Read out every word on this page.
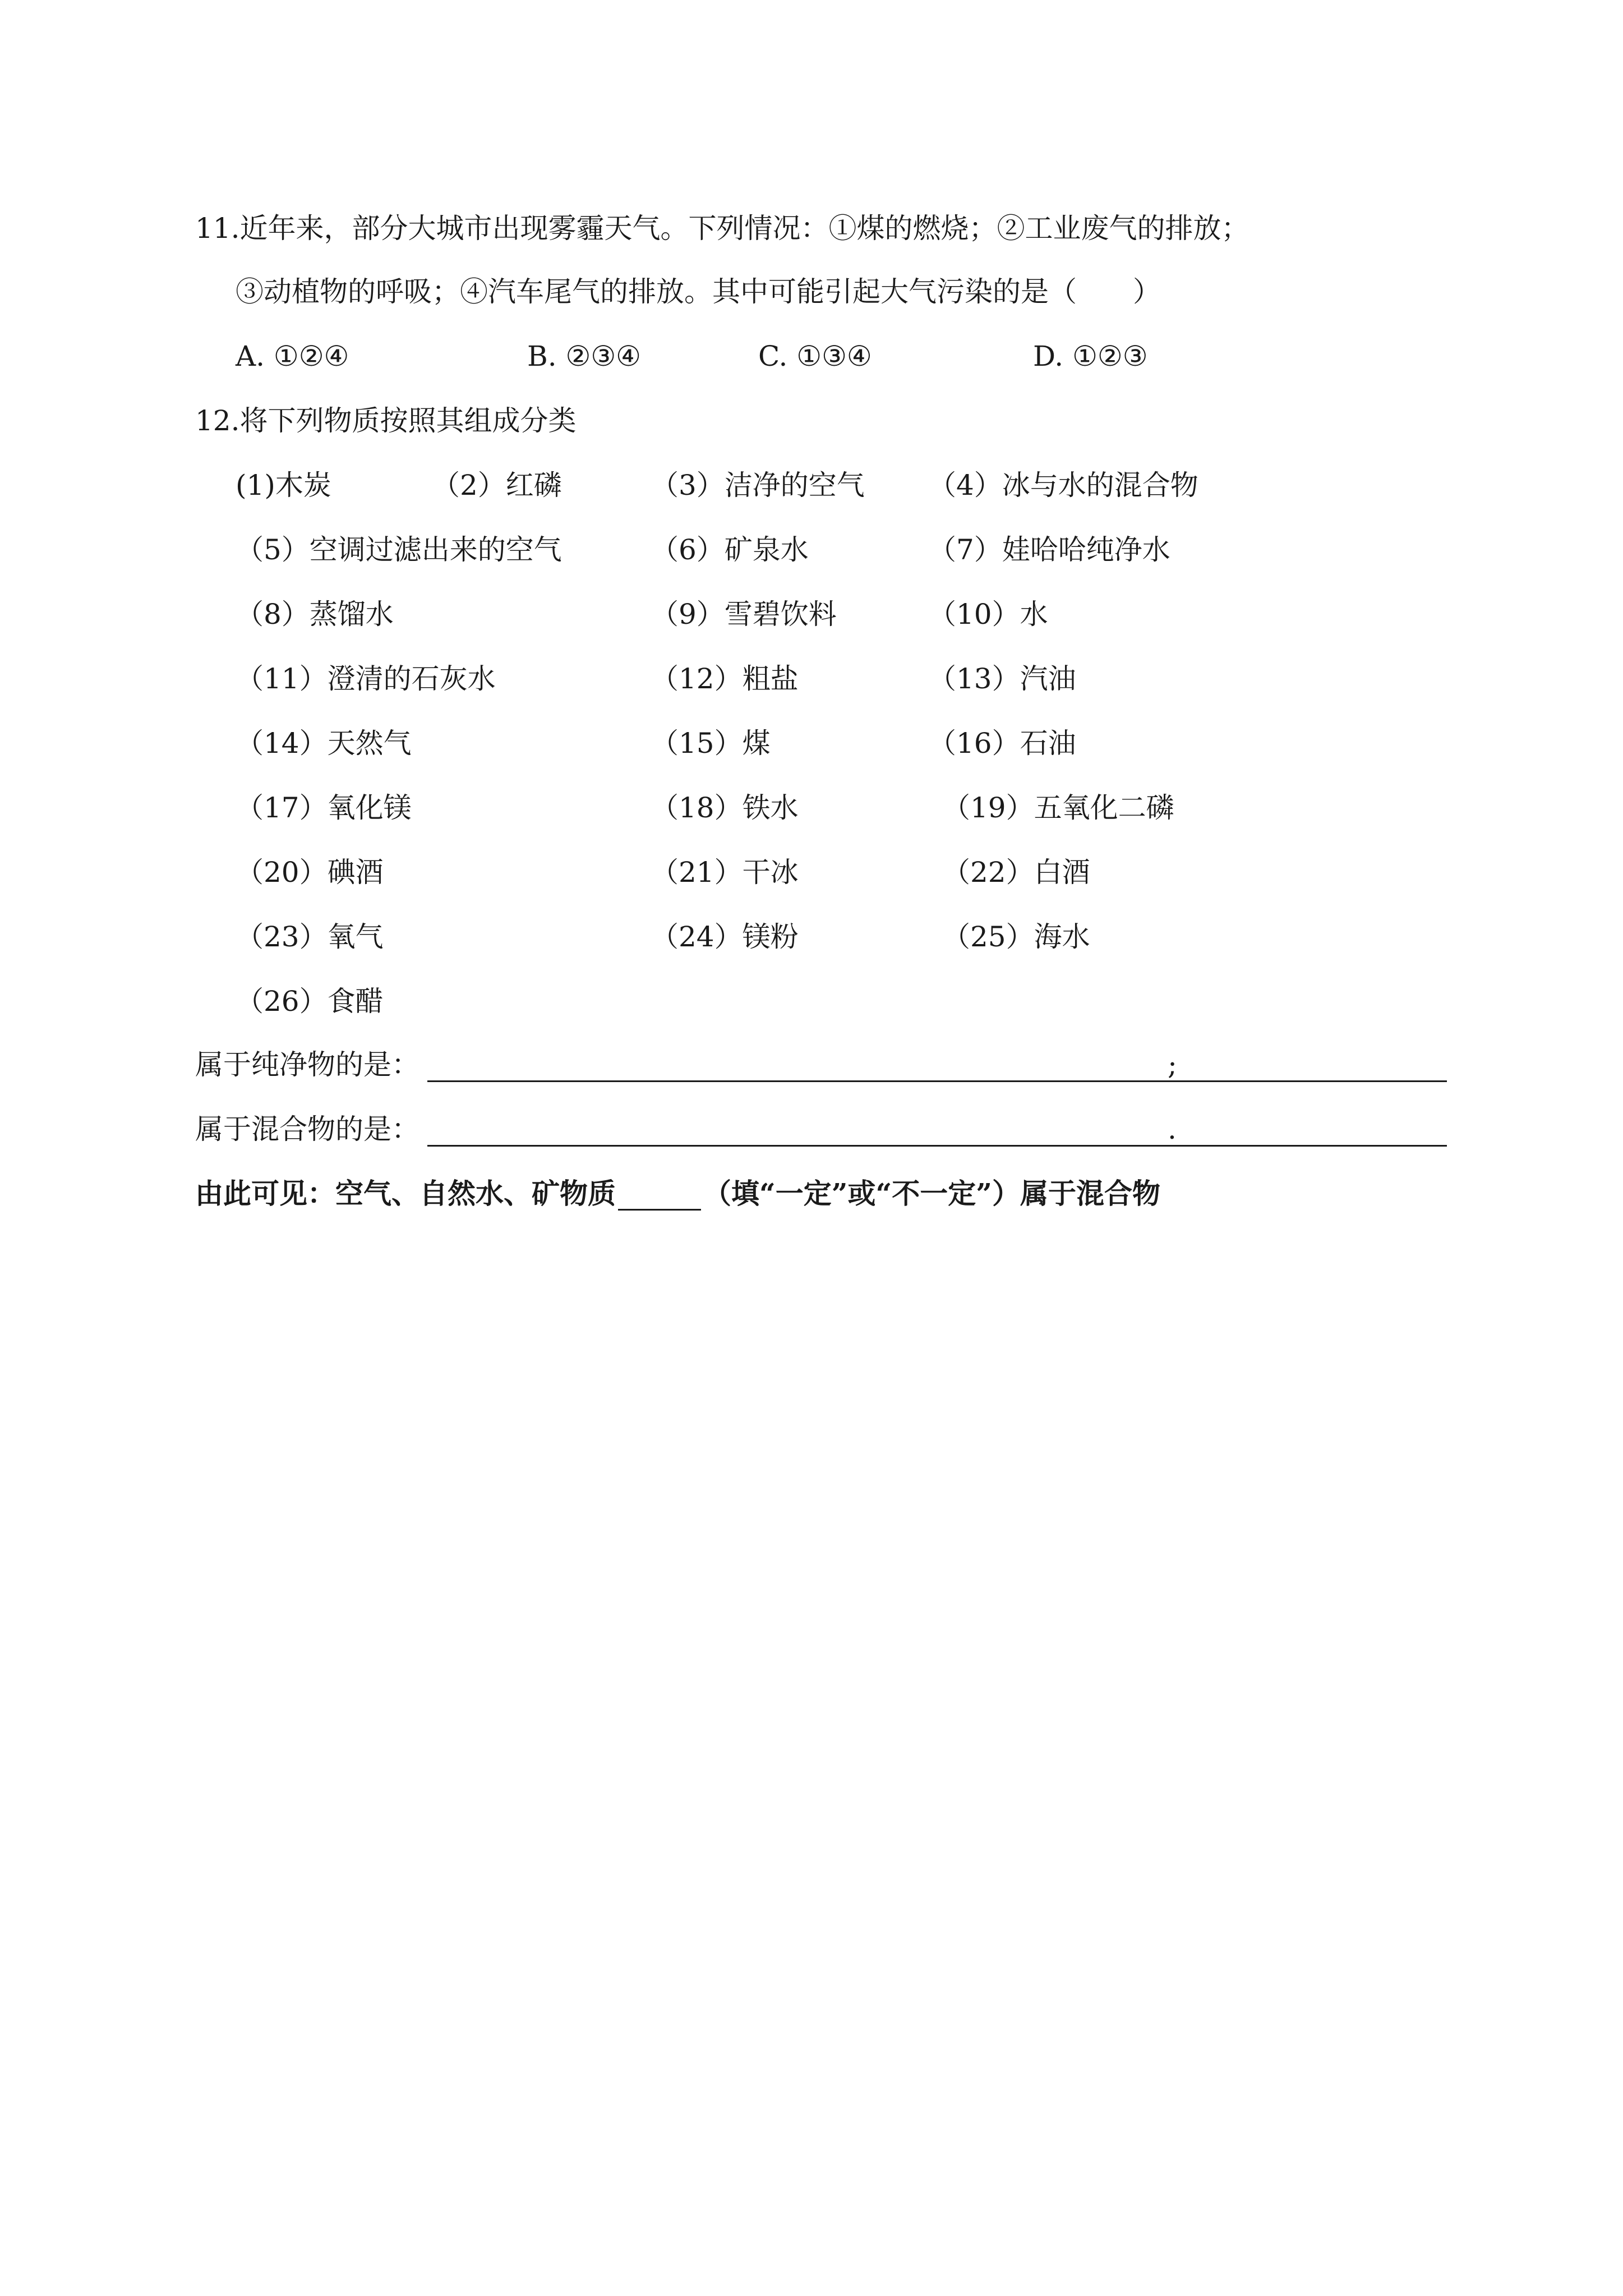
11.近年来，部分大城市出现雾霾天气。下列情况：①煤的燃烧；②工业废气的排放；
③动植物的呼吸；④汽车尾气的排放。其中可能引起大气污染的是（　　）
A. ①②④	B. ②③④	C. ①③④	D. ①②③
12.将下列物质按照其组成分类
(1)木炭	（2）红磷	（3）洁净的空气 （4）冰与水的混合物
（5）空调过滤出来的空气	（6）矿泉水	（7）娃哈哈纯净水
（8）蒸馏水	（9）雪碧饮料	（10）水
（11）澄清的石灰水	（12）粗盐	（13）汽油
（14）天然气	（15）煤	（16）石油
（17）氧化镁	（18）铁水	（19）五氧化二磷
（20）碘酒	（21）干冰	（22）白酒
（23）氧气	（24）镁粉	（25）海水
（26）食醋
属于纯净物的是：	;
属于混合物的是：	.
由此可见：空气、自然水、矿物质	（填“一定”或“不一定”）属于混合物
